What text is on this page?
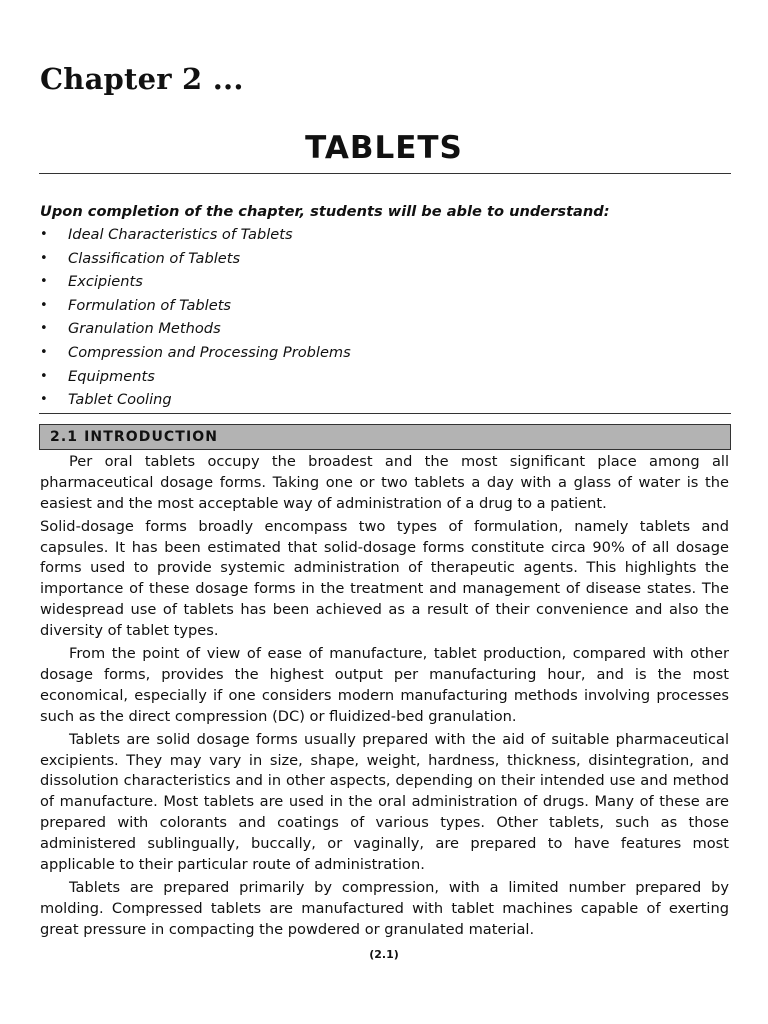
Chapter 2 ...
TABLETS
Upon completion of the chapter, students will be able to understand:
• Ideal Characteristics of Tablets
• Classification of Tablets
• Excipients
• Formulation of Tablets
• Granulation Methods
• Compression and Processing Problems
• Equipments
• Tablet Cooling
2.1 INTRODUCTION

Per oral tablets occupy the broadest and the most significant place among all pharmaceutical dosage forms. Taking one or two tablets a day with a glass of water is the easiest and the most acceptable way of administration of a drug to a patient.

Solid-dosage forms broadly encompass two types of formulation, namely tablets and capsules. It has been estimated that solid-dosage forms constitute circa 90% of all dosage forms used to provide systemic administration of therapeutic agents. This highlights the importance of these dosage forms in the treatment and management of disease states. The widespread use of tablets has been achieved as a result of their convenience and also the diversity of tablet types.

From the point of view of ease of manufacture, tablet production, compared with other dosage forms, provides the highest output per manufacturing hour, and is the most economical, especially if one considers modern manufacturing methods involving processes such as the direct compression (DC) or fluidized-bed granulation.

Tablets are solid dosage forms usually prepared with the aid of suitable pharmaceutical excipients. They may vary in size, shape, weight, hardness, thickness, disintegration, and dissolution characteristics and in other aspects, depending on their intended use and method of manufacture. Most tablets are used in the oral administration of drugs. Many of these are prepared with colorants and coatings of various types. Other tablets, such as those administered sublingually, buccally, or vaginally, are prepared to have features most applicable to their particular route of administration.

Tablets are prepared primarily by compression, with a limited number prepared by molding. Compressed tablets are manufactured with tablet machines capable of exerting great pressure in compacting the powdered or granulated material.

(2.1)
